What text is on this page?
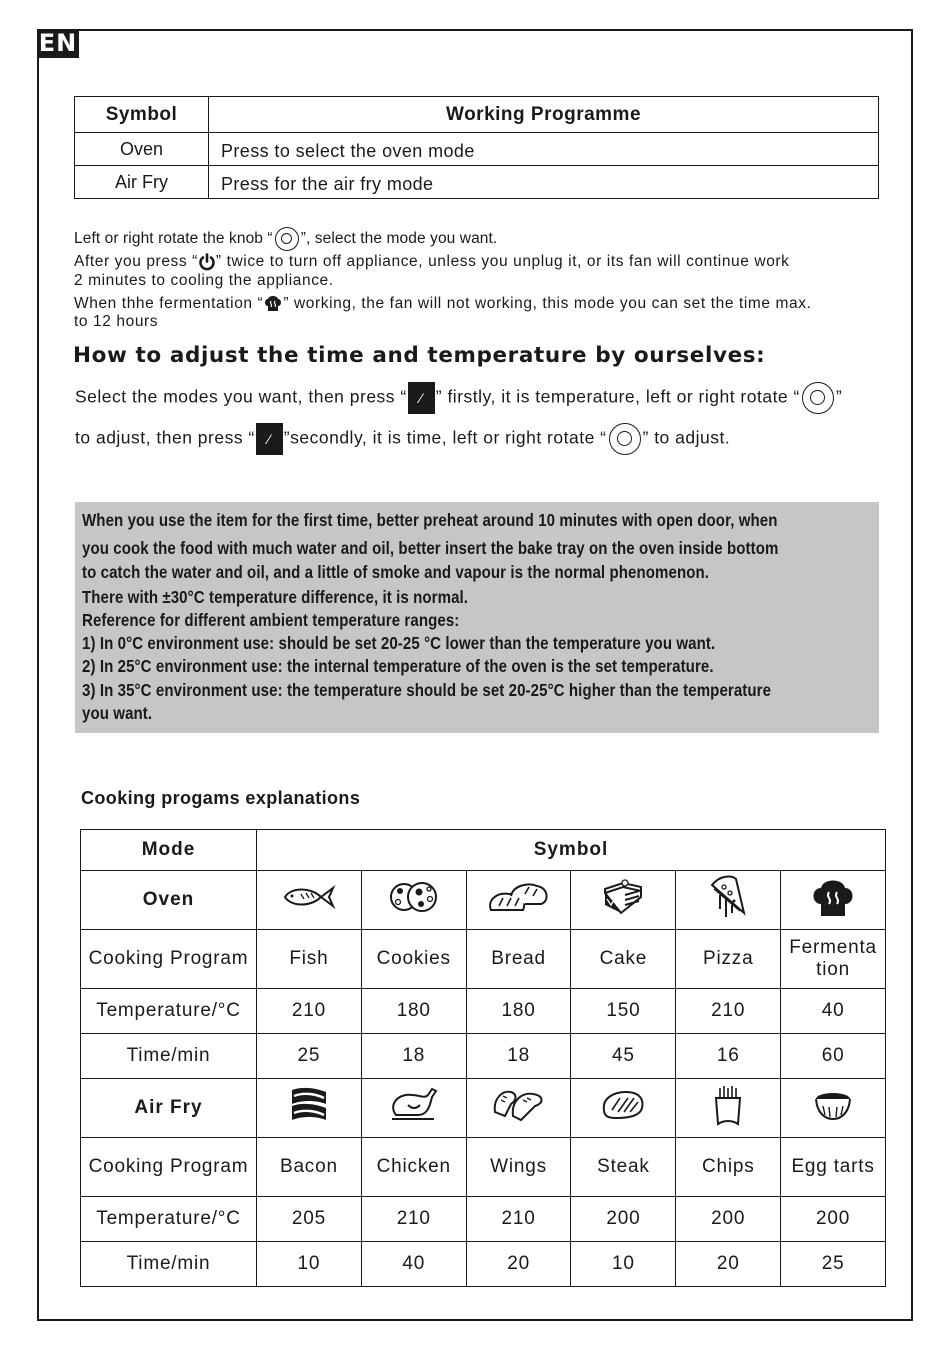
EN
Symbol	Working Programme
Oven	Press to select the oven mode
Air Fry	Press for the air fry mode
Left or right rotate the knob “ ”, select the mode you want.
After you press “ ” twice to turn off appliance, unless you unplug it, or its fan will continue work
2 minutes to cooling the appliance.
When thhe fermentation “ ” working, the fan will not working, this mode you can set the time max.
to 12 hours
How to adjust the time and temperature by ourselves:
Select the modes you want, then press “ ⁄ ” firstly, it is temperature, left or right rotate “ ”
to adjust, then press “ ⁄ ”secondly, it is time, left or right rotate “ ” to adjust.
When you use the item for the first time, better preheat around 10 minutes with open door, when
you cook the food with much water and oil, better insert the bake tray on the oven inside bottom
to catch the water and oil, and a little of smoke and vapour is the normal phenomenon.
There with ±30°C temperature difference, it is normal.
Reference for different ambient temperature ranges:
1) In 0°C environment use: should be set 20-25 °C lower than the temperature you want.
2) In 25°C environment use: the internal temperature of the oven is the set temperature.
3) In 35°C environment use: the temperature should be set 20-25°C higher than the temperature
you want.
Cooking progams explanations
Mode	Symbol					
Oven						
Cooking Program	Fish	Cookies	Bread	Cake	Pizza	Fermenta
tion
Temperature/°C	210	180	180	150	210	40
Time/min	25	18	18	45	16	60
Air Fry						
Cooking Program	Bacon	Chicken	Wings	Steak	Chips	Egg tarts
Temperature/°C	205	210	210	200	200	200
Time/min	10	40	20	10	20	25
